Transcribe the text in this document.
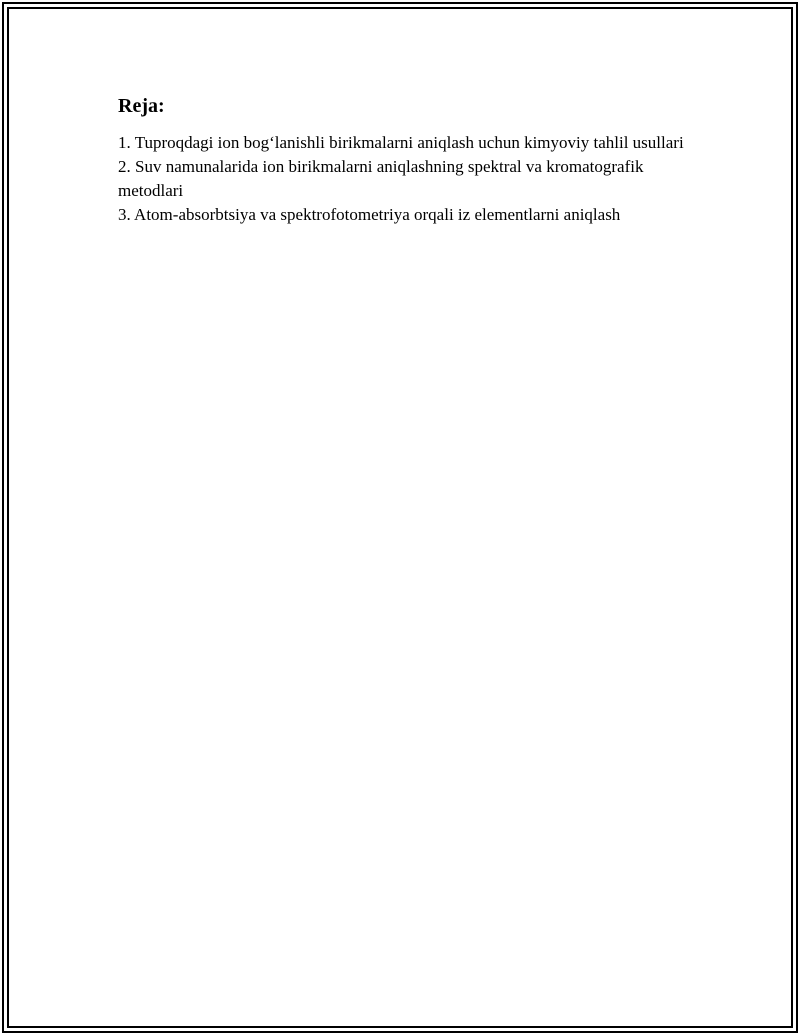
Reja:
1. Tuproqdagi ion bog‘lanishli birikmalarni aniqlash uchun kimyoviy tahlil usullari
2. Suv namunalarida ion birikmalarni aniqlashning spektral va kromatografik metodlari
3. Atom-absorbtsiya va spektrofotometriya orqali iz elementlarni aniqlash
